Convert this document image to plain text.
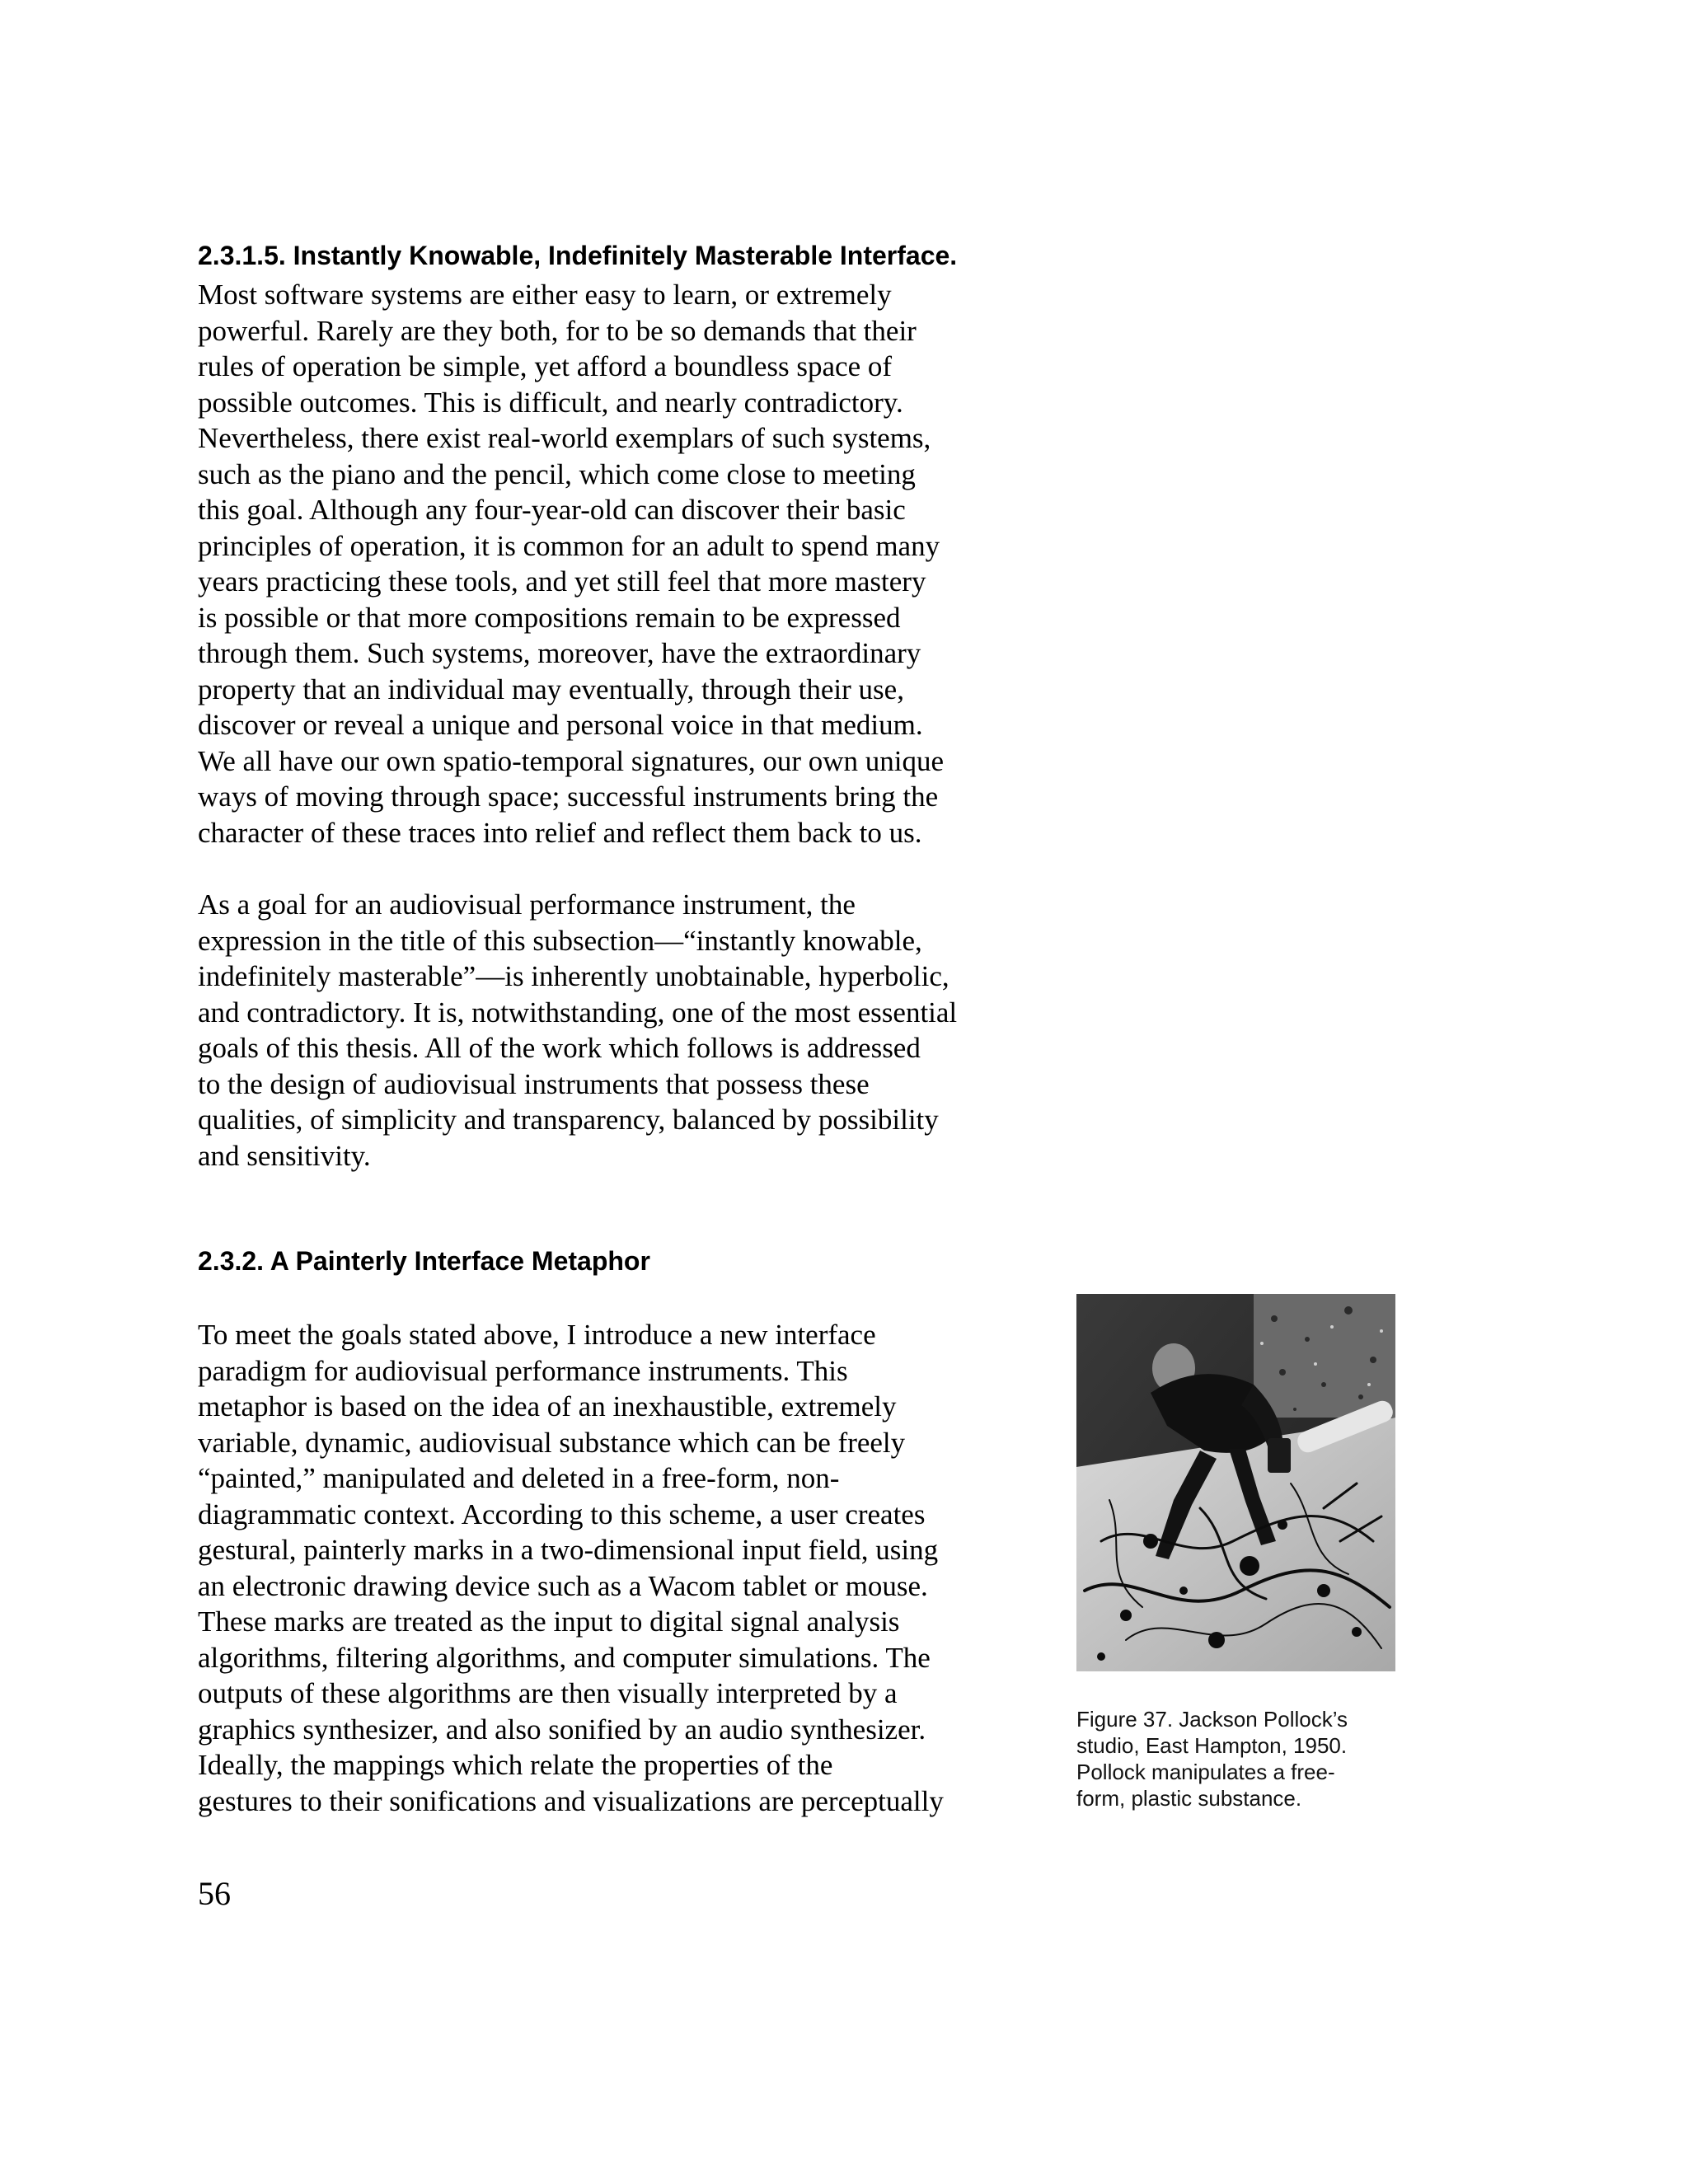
2.3.1.5. Instantly Knowable, Indefinitely Masterable Interface.

Most software systems are either easy to learn, or extremely
powerful. Rarely are they both, for to be so demands that their
rules of operation be simple, yet afford a boundless space of
possible outcomes. This is difficult, and nearly contradictory.
Nevertheless, there exist real-world exemplars of such systems,
such as the piano and the pencil, which come close to meeting
this goal. Although any four-year-old can discover their basic
principles of operation, it is common for an adult to spend many
years practicing these tools, and yet still feel that more mastery
is possible or that more compositions remain to be expressed
through them. Such systems, moreover, have the extraordinary
property that an individual may eventually, through their use,
discover or reveal a unique and personal voice in that medium.
We all have our own spatio-temporal signatures, our own unique
ways of moving through space; successful instruments bring the
character of these traces into relief and reflect them back to us.

As a goal for an audiovisual performance instrument, the
expression in the title of this subsection—“instantly knowable,
indefinitely masterable”—is inherently unobtainable, hyperbolic,
and contradictory. It is, notwithstanding, one of the most essential
goals of this thesis. All of the work which follows is addressed
to the design of audiovisual instruments that possess these
qualities, of simplicity and transparency, balanced by possibility
and sensitivity.

2.3.2. A Painterly Interface Metaphor

To meet the goals stated above, I introduce a new interface
paradigm for audiovisual performance instruments. This
metaphor is based on the idea of an inexhaustible, extremely
variable, dynamic, audiovisual substance which can be freely
“painted,” manipulated and deleted in a free-form, non-
diagrammatic context. According to this scheme, a user creates
gestural, painterly marks in a two-dimensional input field, using
an electronic drawing device such as a Wacom tablet or mouse.
These marks are treated as the input to digital signal analysis
algorithms, filtering algorithms, and computer simulations. The
outputs of these algorithms are then visually interpreted by a
graphics synthesizer, and also sonified by an audio synthesizer.
Ideally, the mappings which relate the properties of the
gestures to their sonifications and visualizations are perceptually

Figure 37. Jackson Pollock’s
studio, East Hampton, 1950.
Pollock manipulates a free-
form, plastic substance.

56
